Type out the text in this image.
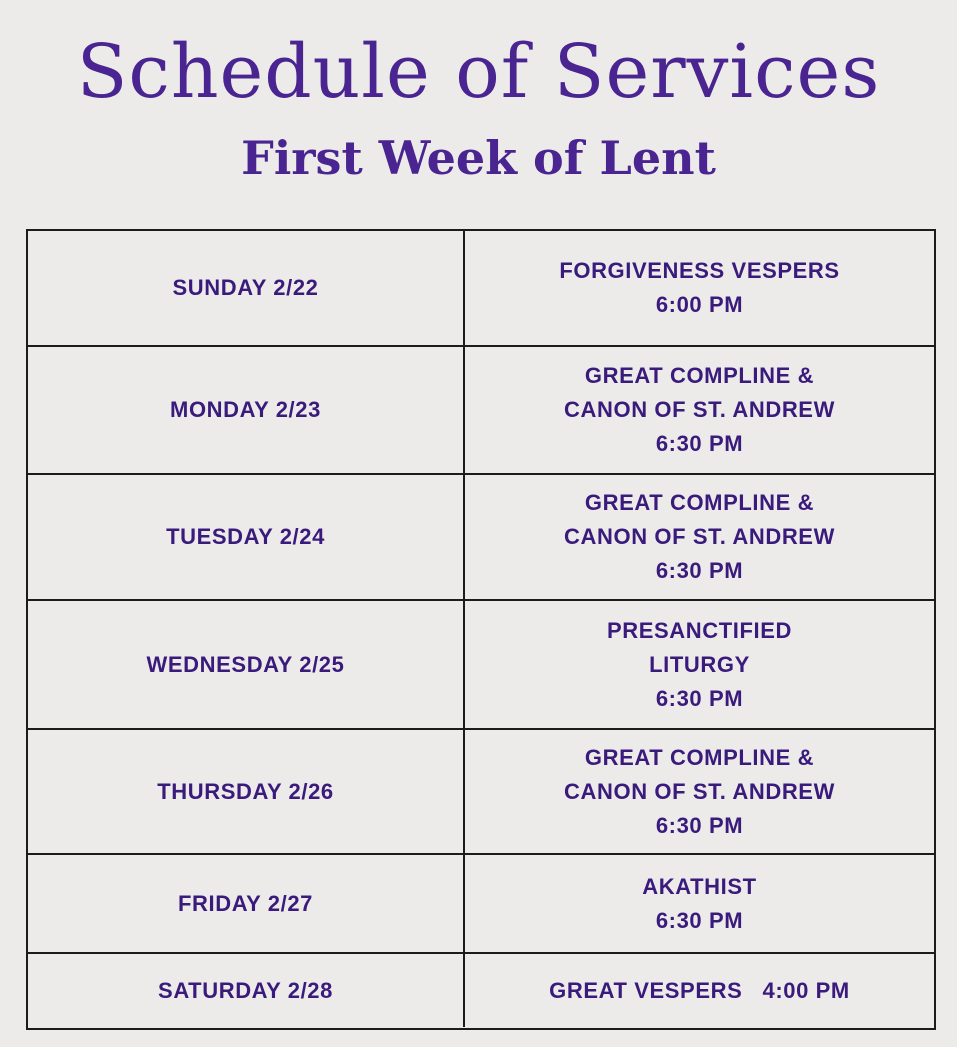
Schedule of Services
First Week of Lent
SUNDAY 2/22
FORGIVENESS VESPERS
6:00 PM
MONDAY 2/23
GREAT COMPLINE &
CANON OF ST. ANDREW
6:30 PM
TUESDAY 2/24
GREAT COMPLINE &
CANON OF ST. ANDREW
6:30 PM
WEDNESDAY 2/25
PRESANCTIFIED
LITURGY
6:30 PM
THURSDAY 2/26
GREAT COMPLINE &
CANON OF ST. ANDREW
6:30 PM
FRIDAY 2/27
AKATHIST
6:30 PM
SATURDAY 2/28	GREAT VESPERS   4:00 PM
